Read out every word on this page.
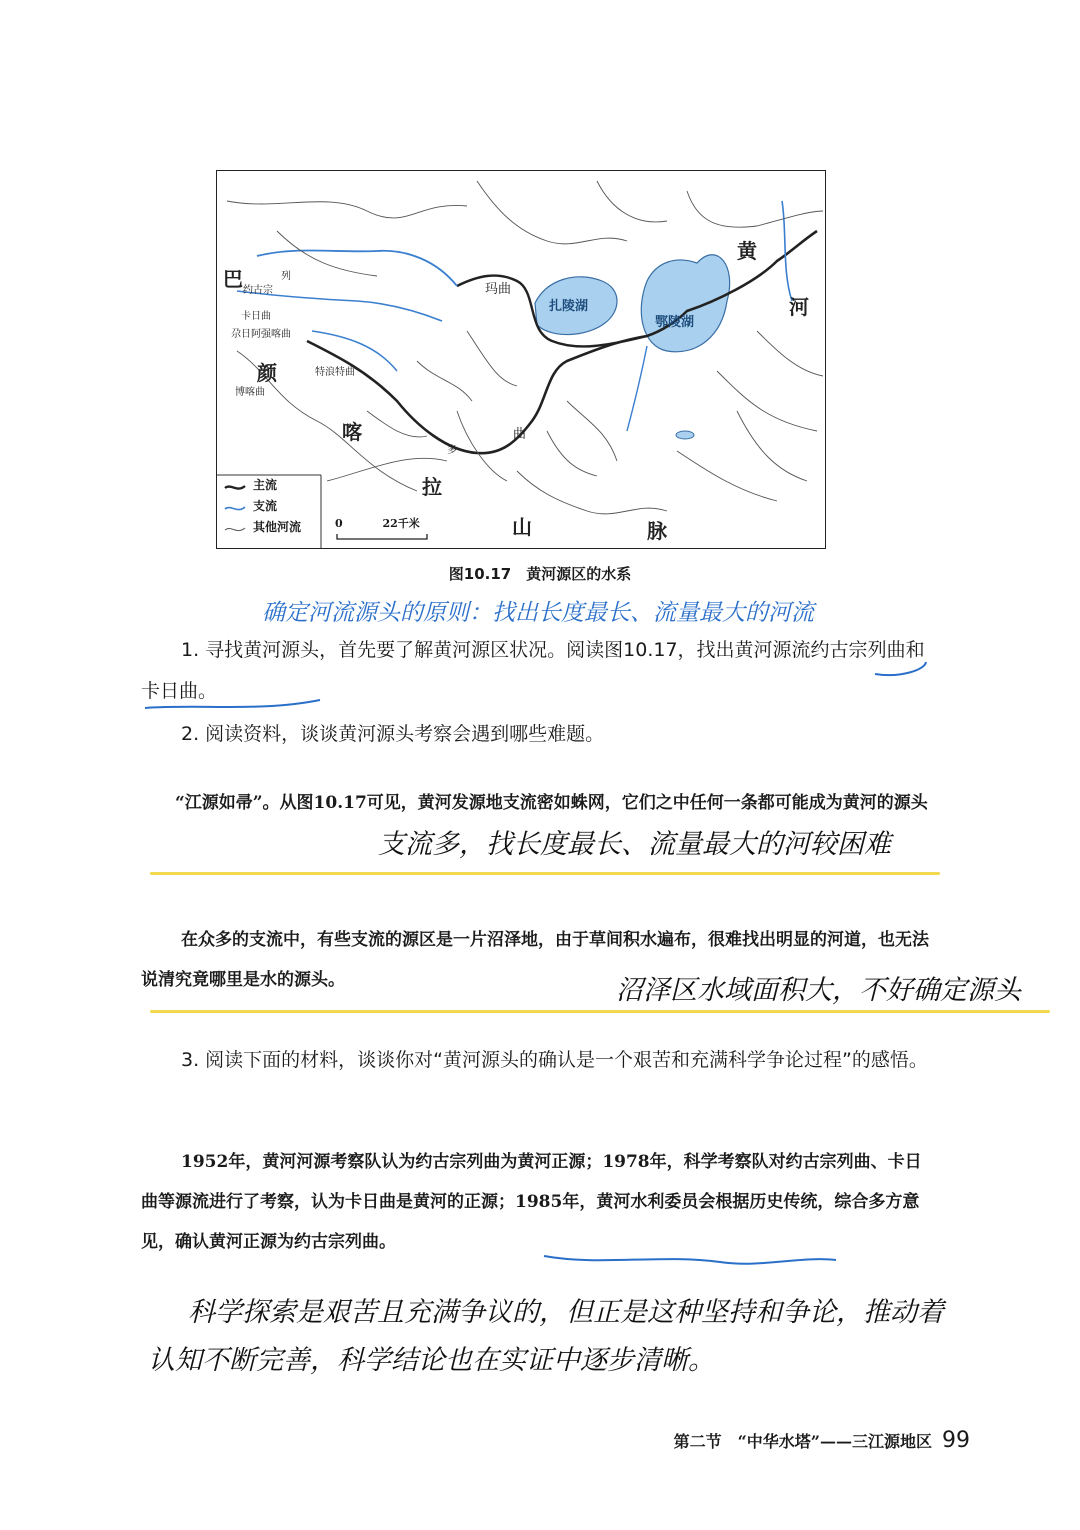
巴
颜
喀
拉
山	脉
黄
河
扎陵湖
鄂陵湖
玛曲
曲
多
约古宗
列
卡日曲
尕日阿强喀曲
特浪特曲
博喀曲
主流
支流
其他河流	0	22千米
图10.17　黄河源区的水系
确定河流源头的原则：找出长度最长、流量最大的河流
1. 寻找黄河源头，首先要了解黄河源区状况。阅读图10.17，找出黄河源流约古宗列曲和卡日曲。
2. 阅读资料，谈谈黄河源头考察会遇到哪些难题。
“江源如帚”。从图10.17可见，黄河发源地支流密如蛛网，它们之中任何一条都可能成为黄河的源头
支流多，找长度最长、流量最大的河较困难
在众多的支流中，有些支流的源区是一片沼泽地，由于草间积水遍布，很难找出明显的河道，也无法说清究竟哪里是水的源头。	沼泽区水域面积大，不好确定源头
3. 阅读下面的材料，谈谈你对“黄河源头的确认是一个艰苦和充满科学争论过程”的感悟。
1952年，黄河河源考察队认为约古宗列曲为黄河正源；1978年，科学考察队对约古宗列曲、卡日曲等源流进行了考察，认为卡日曲是黄河的正源；1985年，黄河水利委员会根据历史传统，综合多方意见，确认黄河正源为约古宗列曲。
科学探索是艰苦且充满争议的，但正是这种坚持和争论，推动着
认知不断完善，科学结论也在实证中逐步清晰。
第二节　“中华水塔”——三江源地区 99
